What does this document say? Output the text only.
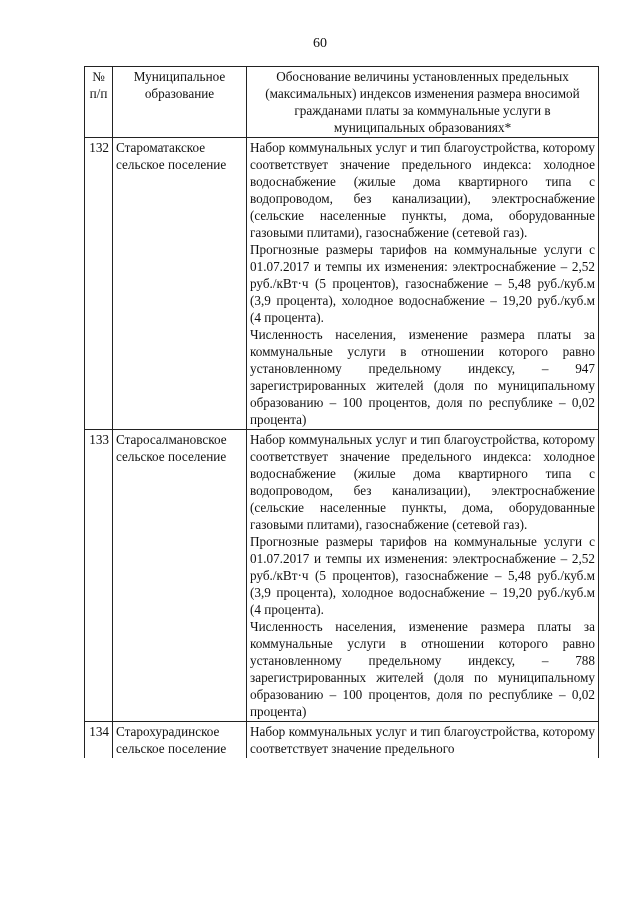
60
№ п/п	Муниципальное образование	Обоснование величины установленных предельных (максимальных) индексов изменения размера вносимой гражданами платы за коммунальные услуги в муниципальных образованиях*
132	Староматакское сельское поселение	Набор коммунальных услуг и тип благоустройства, которому соответствует значение предельного индекса: холодное водоснабжение (жилые дома квартирного типа с водопроводом, без канализации), электроснабжение (сельские населенные пункты, дома, оборудованные газовыми плитами), газоснабжение (сетевой газ).
Прогнозные размеры тарифов на коммунальные услуги с 01.07.2017 и темпы их изменения: электроснабжение – 2,52 руб./кВт·ч (5 процентов), газоснабжение – 5,48 руб./куб.м (3,9 процента), холодное водоснабжение – 19,20 руб./куб.м (4 процента).
Численность населения, изменение размера платы за коммунальные услуги в отношении которого равно установленному предельному индексу, – 947 зарегистрированных жителей (доля по муниципальному образованию – 100 процентов, доля по республике – 0,02 процента)

133	Старосалмановское сельское поселение	Набор коммунальных услуг и тип благоустройства, которому соответствует значение предельного индекса: холодное водоснабжение (жилые дома квартирного типа с водопроводом, без канализации), электроснабжение (сельские населенные пункты, дома, оборудованные газовыми плитами), газоснабжение (сетевой газ).
Прогнозные размеры тарифов на коммунальные услуги с 01.07.2017 и темпы их изменения: электроснабжение – 2,52 руб./кВт·ч (5 процентов), газоснабжение – 5,48 руб./куб.м (3,9 процента), холодное водоснабжение – 19,20 руб./куб.м (4 процента).
Численность населения, изменение размера платы за коммунальные услуги в отношении которого равно установленному предельному индексу, – 788 зарегистрированных жителей (доля по муниципальному образованию – 100 процентов, доля по республике – 0,02 процента)

134	Старохурадинское сельское поселение	Набор коммунальных услуг и тип благоустройства, которому соответствует значение предельного
